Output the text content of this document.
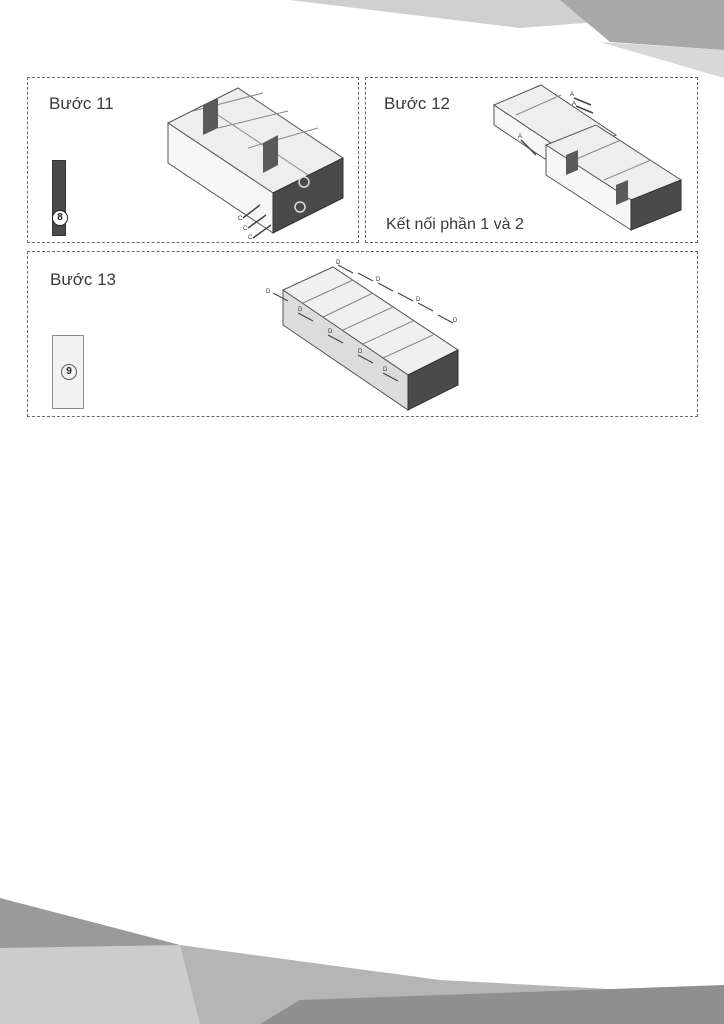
Bước 11
8	C
C
C
Bước 12
Kết nối phần 1 và 2
A
A
A
Bước 13
9
D
D
D
D
D
D
D
D
D
